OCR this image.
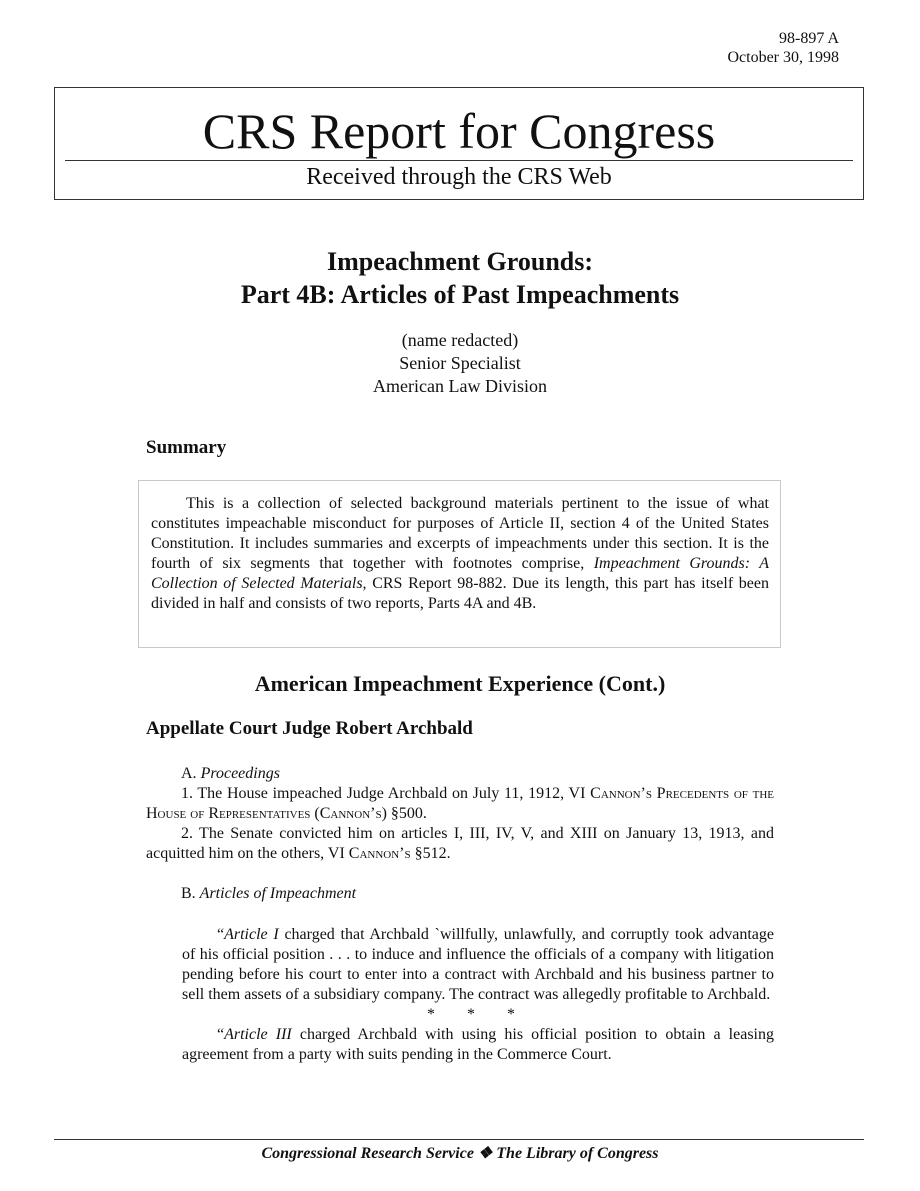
98-897 A
October 30, 1998
CRS Report for Congress
Received through the CRS Web
Impeachment Grounds:
Part 4B: Articles of Past Impeachments
(name redacted)
Senior Specialist
American Law Division
Summary

This is a collection of selected background materials pertinent to the issue of what constitutes impeachable misconduct for purposes of Article II, section 4 of the United States Constitution. It includes summaries and excerpts of impeachments under this section. It is the fourth of six segments that together with footnotes comprise, Impeachment Grounds: A Collection of Selected Materials, CRS Report 98-882. Due its length, this part has itself been divided in half and consists of two reports, Parts 4A and 4B.

American Impeachment Experience (Cont.)
Appellate Court Judge Robert Archbald

A. Proceedings

1. The House impeached Judge Archbald on July 11, 1912, VI Cannon’s Precedents of the House of Representatives (Cannon’s) §500.

2. The Senate convicted him on articles I, III, IV, V, and XIII on January 13, 1913, and acquitted him on the others, VI Cannon’s §512.

B. Articles of Impeachment

“Article I charged that Archbald `willfully, unlawfully, and corruptly took advantage of his official position . . . to induce and influence the officials of a company with litigation pending before his court to enter into a contract with Archbald and his business partner to sell them assets of a subsidiary company. The contract was allegedly profitable to Archbald.

* * *

“Article III charged Archbald with using his official position to obtain a leasing agreement from a party with suits pending in the Commerce Court.

Congressional Research Service ❖ The Library of Congress
